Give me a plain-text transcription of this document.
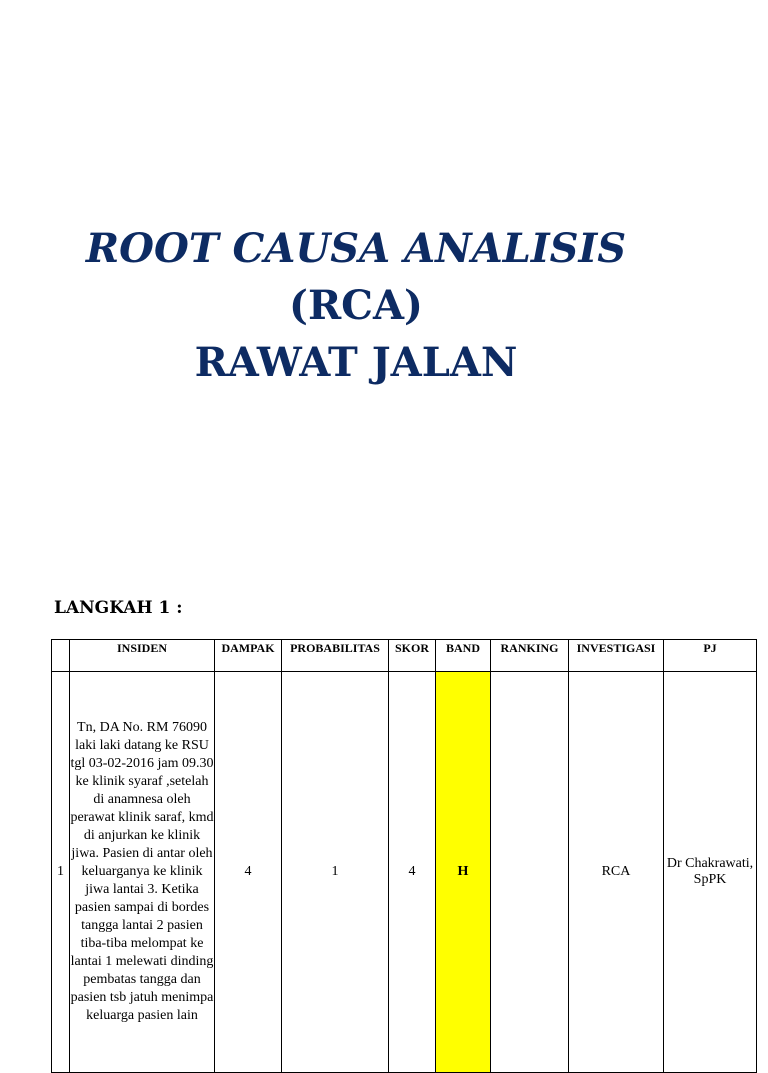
ROOT CAUSA ANALISIS
(RCA)
RAWAT JALAN
LANGKAH 1 :
	INSIDEN	DAMPAK	PROBABILITAS	SKOR	BAND	RANKING	INVESTIGASI	PJ
1	Tn, DA No. RM 76090 laki laki datang ke RSU tgl 03-02-2016 jam 09.30 ke klinik syaraf ,setelah di anamnesa oleh perawat klinik saraf, kmd di anjurkan ke klinik jiwa. Pasien di antar oleh keluarganya ke klinik jiwa lantai 3. Ketika pasien sampai di bordes tangga lantai 2 pasien tiba-tiba melompat ke lantai 1 melewati dinding pembatas tangga dan pasien tsb jatuh menimpa keluarga pasien lain	4	1	4	H		RCA	Dr Chakrawati, SpPK
